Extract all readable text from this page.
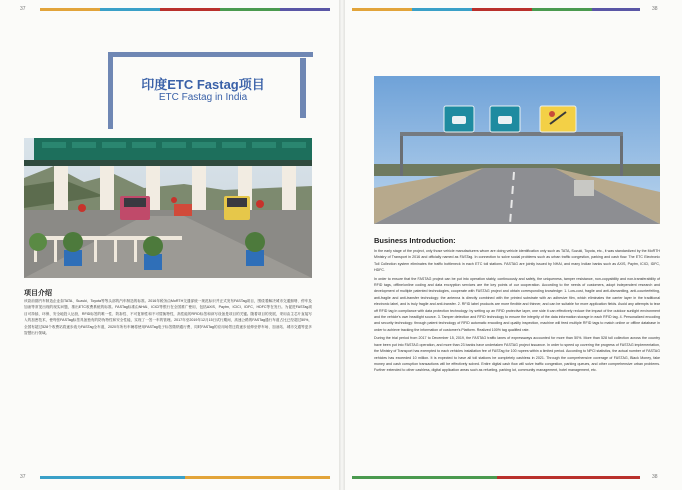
37	38
37	38
印度ETC Fastag项目
ETC Fastag in India
项目介绍

该款前期汽车制造企业如TATA、Suzuki、Toyota等等头部的汽车制造的标准。2016年税务由MoRTH交通部统一规范标识并正式发布FASTag项目，围绕着解决城市交通拥堵、停车及加油等常见出现的现实问题，推出ETC收费系统的标准。FASTag标准由NHAI、ICICI等银行在全国推广使用，包括AXIS、Paytm、ICICI、IDFC、HDFC等在发行。为促进FASTag项目可持续、环保、安全地投入运营，RFID标签的唯一性、防拆性、不可复制性和不可替换特性，高性能的RFID标签和读写设备是项目的关键。随着项目的发展，采用由主芯片直接写入的加密技术，使每张FASTag标签具备独有的防伪特性和安全性能，实现了一签一车的管理。2017年至2019年12月15日试行期间，高速公路的FASTag通行车道占比已经超过50%，全国有超过528个收费站将逐步改为FASTag全车道，2020年所有车辆将使用FASTag电子标签缴纳通行费，同时FASTag的应用场景还将逐步延伸至停车场、加油站、城市交通等更多智慧出行领域。

Business Introduction:

In the early stage of the project, only those vehicle manufacturers whom are doing vehicle identification only such as TATA, Suzuki, Toyota, etc., it was standardized by the MoRTH Ministry of Transport in 2016 and officially named as FASTag. In connection to solve social problems such as urban traffic congestion, parking and cash flow. The ETC Electronic Toll Collection system eliminates the traffic bottleneck in each ETC toll stations. FASTAG are jointly issued by NHAI, and many Indian banks such as AXIS, Paytm, ICICI, IDFC, HDFC.

In order to ensure that the FASTAG project can be put into operation stably, continuously and safely, the uniqueness, tamper resistance, non-copyability and non-transferability of RFID tags, offline/online coding and data encryption services are the key points of our cooperation. According to the needs of customers, adopt independent research and development of multiple patented technologies, cooperate with FASTAG project and obtain corresponding knowledge: 1. Low-cost, fragile and anti-dismantling, anti-counterfeiting, anti-fragile and anti-transfer technology: the antenna is directly combined with the printed substrate with an adhesive film, which eliminates the carrier layer in the traditional electronic label, and is truly fragile and anti-transfer. 2. RFID label products are more flexible and thinner, and can be suitable for more application fields. Avoid any attempts to tear off RFID tag in compliance with data protection technology: by setting up an RFID protective layer, one side it can effectively reduce the impact of the outdoor sunlight environment and the vehicle's own headlight source. 3. Tamper detection and RFID technology to ensure the integrity of the data information storage in each RFID tag. 4. Personalized encoding and security technology: through patent technology of RFID automatic encoding and quality inspection, machine will feed multiple RFID tags to match online or offline database in order to achieve tracking the information of customer's Platform. Realized 100% tag qualified rate.

During the trial period from 2017 to December 15, 2019, the FASTAG traffic lanes of expressways accounted for more than 50%. More than 528 toll collection across the country have been put into FASTAG operation, and more than 23 banks have undertaken FASTAG project issuance. In order to speed up covering the progress of FASTAG implementation, the Ministry of Transport has exempted to each vehicles installation fee of FASTag for 100 rupees within a limited period. According to NPCI statistics, the actual number of FASTAG vehicles has exceeded 10 million. It is expected to have all toll stations be completely cashless in 2021. Through the comprehensive coverage of FASTAG, Black Money, fake money and cash corruption transactions will be effectively solved. Entire digital cash flow will solve traffic congestion, parking queues, and other comprehensive urban problems. Further extended to other cashless, digital application areas such as refueling, parking lot, community management, hotel management, etc.
